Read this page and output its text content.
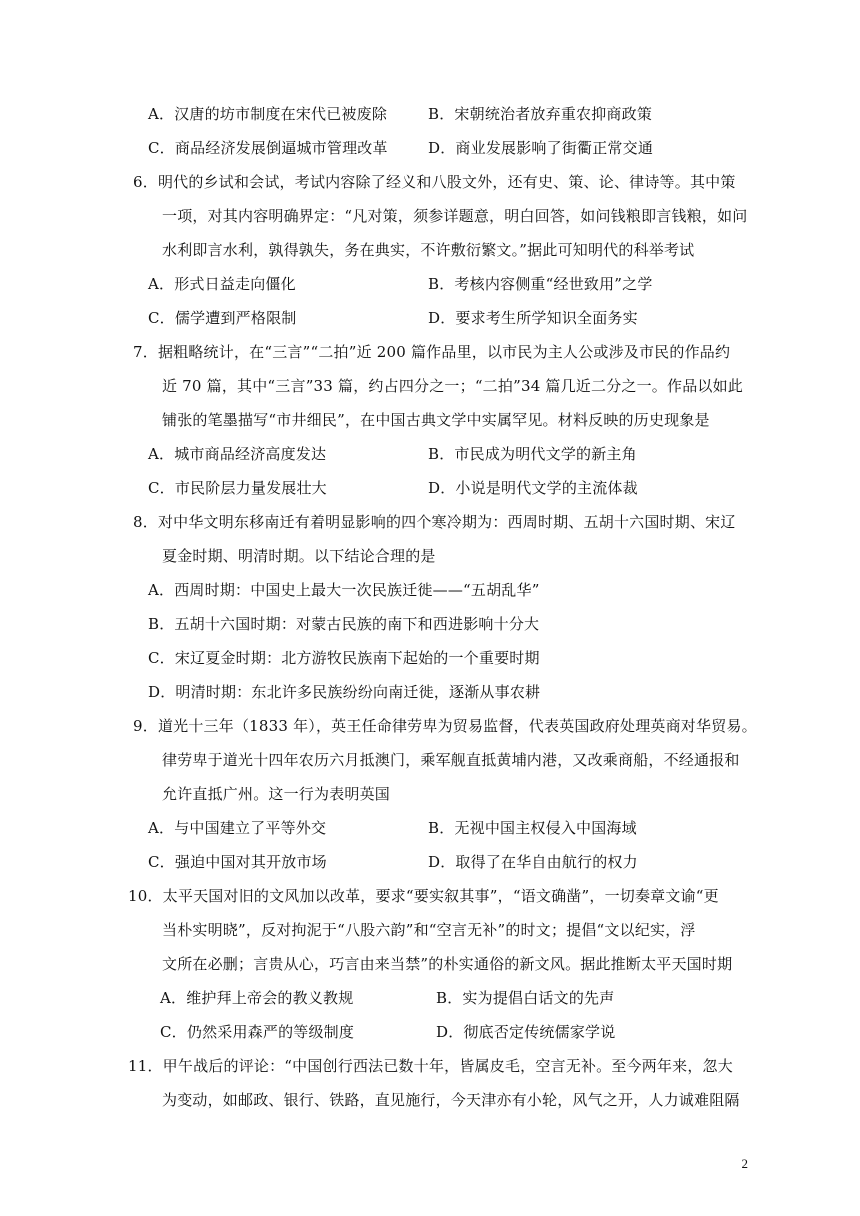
A．汉唐的坊市制度在宋代已被废除	B．宋朝统治者放弃重农抑商政策
C．商品经济发展倒逼城市管理改革	D．商业发展影响了街衢正常交通
6．明代的乡试和会试，考试内容除了经义和八股文外，还有史、策、论、律诗等。其中策
一项，对其内容明确界定：“凡对策，须参详题意，明白回答，如问钱粮即言钱粮，如问
水利即言水利，孰得孰失，务在典实，不许敷衍繁文。”据此可知明代的科举考试
A．形式日益走向僵化	B．考核内容侧重“经世致用”之学
C．儒学遭到严格限制	D．要求考生所学知识全面务实
7．据粗略统计，在“三言”“二拍”近 200 篇作品里，以市民为主人公或涉及市民的作品约
近 70 篇，其中“三言”33 篇，约占四分之一；“二拍”34 篇几近二分之一。作品以如此
铺张的笔墨描写“市井细民”，在中国古典文学中实属罕见。材料反映的历史现象是
A．城市商品经济高度发达	B．市民成为明代文学的新主角
C．市民阶层力量发展壮大	D．小说是明代文学的主流体裁
8．对中华文明东移南迁有着明显影响的四个寒冷期为：西周时期、五胡十六国时期、宋辽
夏金时期、明清时期。以下结论合理的是
A．西周时期：中国史上最大一次民族迁徙——“五胡乱华”
B．五胡十六国时期：对蒙古民族的南下和西进影响十分大
C．宋辽夏金时期：北方游牧民族南下起始的一个重要时期
D．明清时期：东北许多民族纷纷向南迁徙，逐渐从事农耕
9．道光十三年（1833 年），英王任命律劳卑为贸易监督，代表英国政府处理英商对华贸易。
律劳卑于道光十四年农历六月抵澳门，乘军舰直抵黄埔内港，又改乘商船，不经通报和
允许直抵广州。这一行为表明英国
A．与中国建立了平等外交	B．无视中国主权侵入中国海域
C．强迫中国对其开放市场	D．取得了在华自由航行的权力
10．太平天国对旧的文风加以改革，要求“要实叙其事”，“语文确凿”，一切奏章文谕“更
当朴实明晓”，反对拘泥于“八股六韵”和“空言无补”的时文；提倡“文以纪实，浮
文所在必删；言贵从心，巧言由来当禁”的朴实通俗的新文风。据此推断太平天国时期
A．维护拜上帝会的教义教规	B．实为提倡白话文的先声
C．仍然采用森严的等级制度	D．彻底否定传统儒家学说
11．甲午战后的评论：“中国创行西法已数十年，皆属皮毛，空言无补。至今两年来，忽大
为变动，如邮政、银行、铁路，直见施行，今天津亦有小轮，风气之开，人力诚难阻隔
2
